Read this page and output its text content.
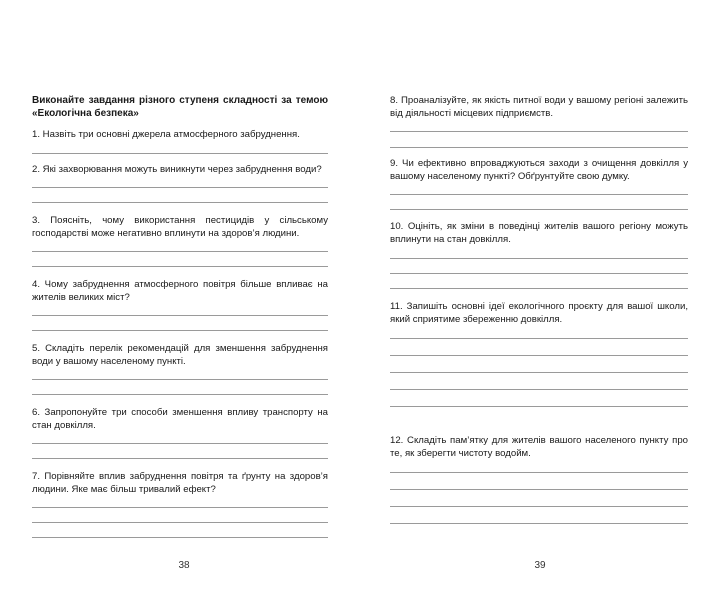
Виконайте завдання різного ступеня складності за темою «Екологічна безпека»

1. Назвіть три основні джерела атмосферного забруднення.

2. Які захворювання можуть виникнути через забруднення води?

3. Поясніть, чому використання пестицидів у сільському господарстві може негативно вплинути на здоров’я людини.

4. Чому забруднення атмосферного повітря більше впливає на жителів великих міст?

5. Складіть перелік рекомендацій для зменшення забруднення води у вашому населеному пункті.

6. Запропонуйте три способи зменшення впливу транспорту на стан довкілля.

7. Порівняйте вплив забруднення повітря та ґрунту на здоров’я людини. Яке має більш тривалий ефект?

38

8. Проаналізуйте, як якість питної води у вашому регіоні залежить від діяльності місцевих підприємств.

9. Чи ефективно впроваджуються заходи з очищення довкілля у вашому населеному пункті? Обґрунтуйте свою думку.

10. Оцініть, як зміни в поведінці жителів вашого регіону можуть вплинути на стан довкілля.

11. Запишіть основні ідеї екологічного проєкту для вашої школи, який сприятиме збереженню довкілля.

12. Складіть пам’ятку для жителів вашого населеного пункту про те, як зберегти чистоту водойм.

39
